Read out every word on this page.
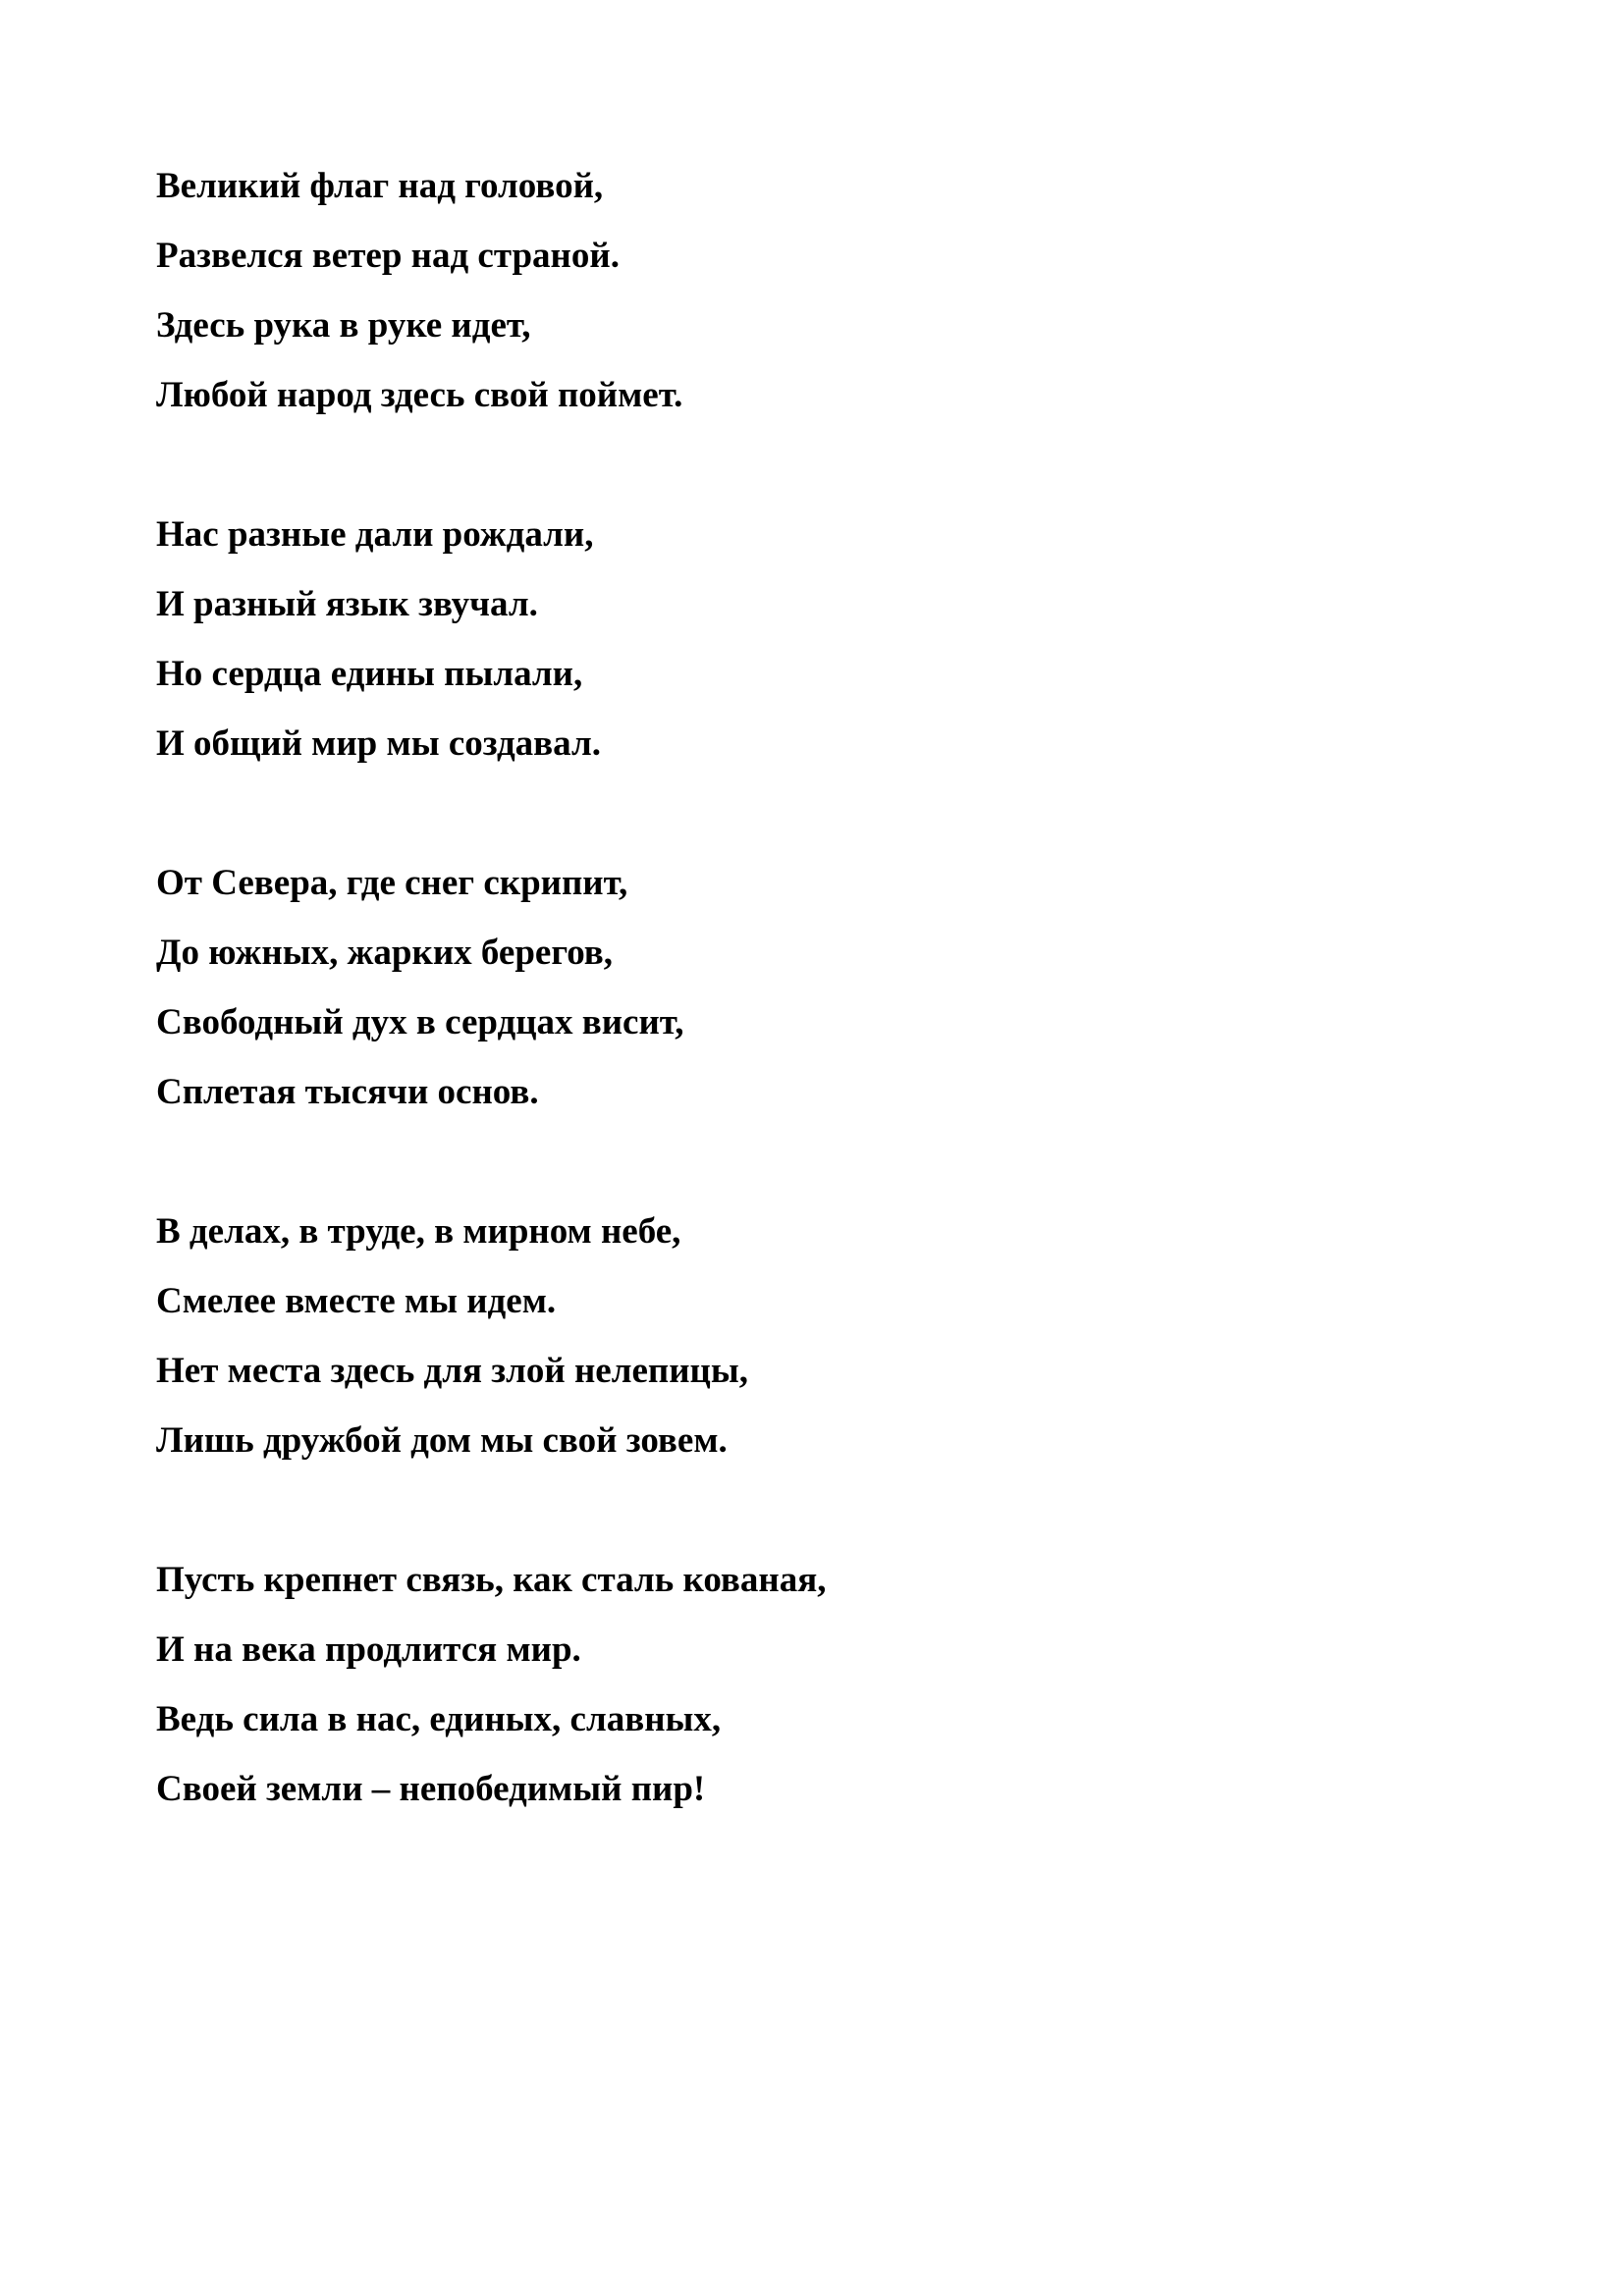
Великий флаг над головой,
Развелся ветер над страной.
Здесь рука в руке идет,
Любой народ здесь свой поймет.
Нас разные дали рождали,
И разный язык звучал.
Но сердца едины пылали,
И общий мир мы создавал.
От Севера, где снег скрипит,
До южных, жарких берегов,
Свободный дух в сердцах висит,
Сплетая тысячи основ.
В делах, в труде, в мирном небе,
Смелее вместе мы идем.
Нет места здесь для злой нелепицы,
Лишь дружбой дом мы свой зовем.
Пусть крепнет связь, как сталь кованая,
И на века продлится мир.
Ведь сила в нас, единых, славных,
Своей земли – непобедимый пир!
